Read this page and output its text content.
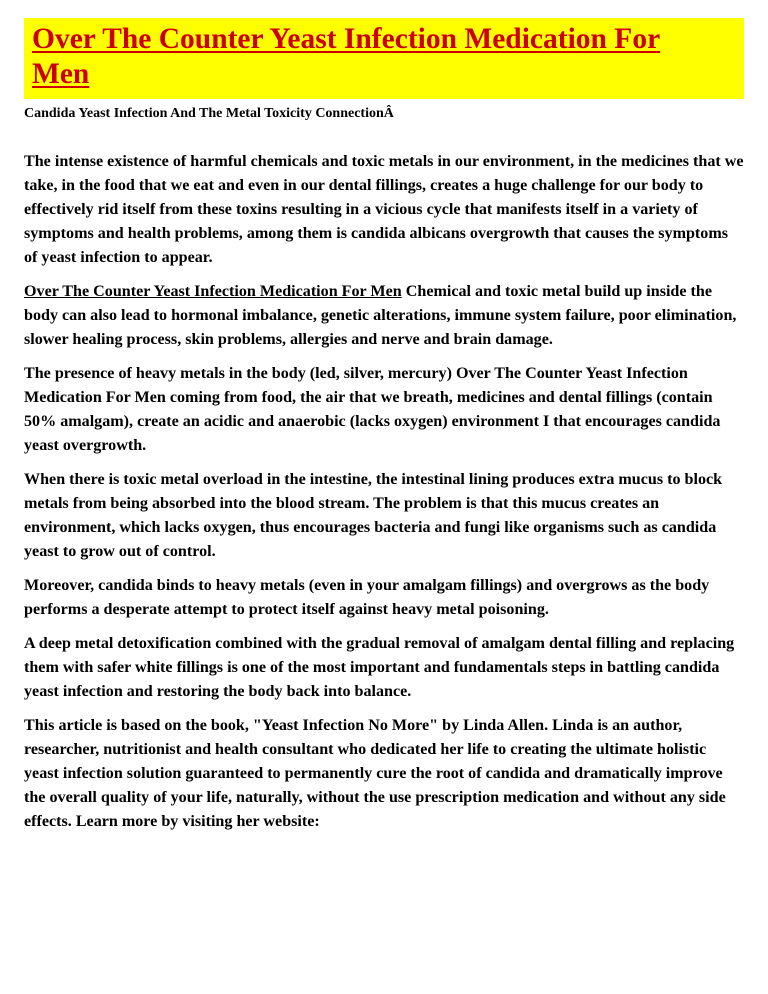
Over The Counter Yeast Infection Medication For
Men
Candida Yeast Infection And The Metal Toxicity ConnectionÂ

The intense existence of harmful chemicals and toxic metals in our environment, in the medicines that we take, in the food that we eat and even in our dental fillings, creates a huge challenge for our body to effectively rid itself from these toxins resulting in a vicious cycle that manifests itself in a variety of symptoms and health problems, among them is candida albicans overgrowth that causes the symptoms of yeast infection to appear.

Over The Counter Yeast Infection Medication For Men Chemical and toxic metal build up inside the body can also lead to hormonal imbalance, genetic alterations, immune system failure, poor elimination, slower healing process, skin problems, allergies and nerve and brain damage.

The presence of heavy metals in the body (led, silver, mercury) Over The Counter Yeast Infection Medication For Men coming from food, the air that we breath, medicines and dental fillings (contain 50% amalgam), create an acidic and anaerobic (lacks oxygen) environment I that encourages candida yeast overgrowth.

When there is toxic metal overload in the intestine, the intestinal lining produces extra mucus to block metals from being absorbed into the blood stream. The problem is that this mucus creates an environment, which lacks oxygen, thus encourages bacteria and fungi like organisms such as candida yeast to grow out of control.

Moreover, candida binds to heavy metals (even in your amalgam fillings) and overgrows as the body performs a desperate attempt to protect itself against heavy metal poisoning.

A deep metal detoxification combined with the gradual removal of amalgam dental filling and replacing them with safer white fillings is one of the most important and fundamentals steps in battling candida yeast infection and restoring the body back into balance.

This article is based on the book, "Yeast Infection No More" by Linda Allen. Linda is an author, researcher, nutritionist and health consultant who dedicated her life to creating the ultimate holistic yeast infection solution guaranteed to permanently cure the root of candida and dramatically improve the overall quality of your life, naturally, without the use prescription medication and without any side effects. Learn more by visiting her website:
